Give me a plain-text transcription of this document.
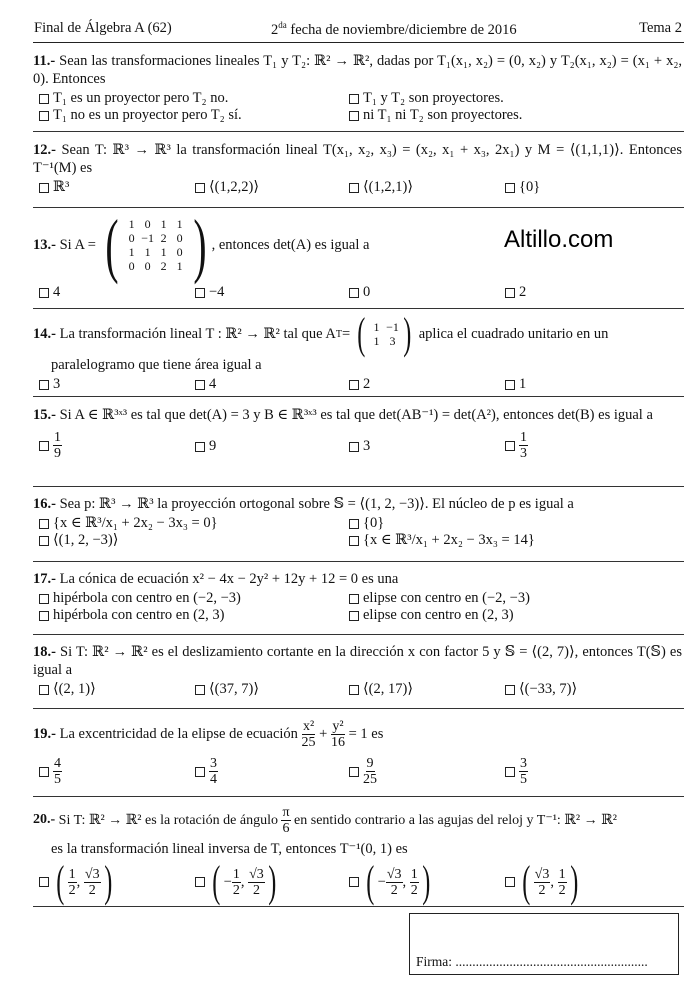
Final de Álgebra A (62)	$2^{da}$ fecha de noviembre/diciembre de 2016	Tema 2
11.- Sean las transformaciones lineales T₁ y T₂: ℝ² → ℝ², dadas por T₁(x₁, x₂) = (0, x₂) y T₂(x₁, x₂) = (x₁ + x₂, 0). Entonces
T₁ es un proyector pero T₂ no.	T₁ y T₂ son proyectores.
T₁ no es un proyector pero T₂ sí.	ni T₁ ni T₂ son proyectores.
12.- Sean T: ℝ³ → ℝ³ la transformación lineal T(x₁, x₂, x₃) = (x₂, x₁ + x₃, 2x₁) y M = ⟨(1,1,1)⟩. Entonces T⁻¹(M) es
ℝ³	⟨(1,2,2)⟩	⟨(1,2,1)⟩	{0}
13.-
Si A =
( 1 0 1 1
0 −1 2 0
1 1 1 0
0 0 2 1 ) , entonces det(A) es igual a	Altillo.com
4	−4	0	2
14.-
La transformación lineal T : ℝ² → ℝ² tal que A T =
( 1 −1
1 3 )
aplica el cuadrado unitario en un
paralelogramo que tiene área igual a
3	4	2	1
15.- Si A ∈ ℝ³ˣ³ es tal que det(A) = 3 y B ∈ ℝ³ˣ³ es tal que det(AB⁻¹) = det(A²), entonces det(B) es igual a
$\frac{1}{9}$	9	3	$\frac{1}{3}$
16.- Sea p: ℝ³ → ℝ³ la proyección ortogonal sobre 𝕊 = ⟨(1, 2, −3)⟩. El núcleo de p es igual a
{x ∈ ℝ³/x₁ + 2x₂ − 3x₃ = 0}	{0}
⟨(1, 2, −3)⟩	{x ∈ ℝ³/x₁ + 2x₂ − 3x₃ = 14}
17.- La cónica de ecuación x² − 4x − 2y² + 12y + 12 = 0 es una
hipérbola con centro en (−2, −3)	elipse con centro en (−2, −3)
hipérbola con centro en (2, 3)	elipse con centro en (2, 3)
18.- Si T: ℝ² → ℝ² es el deslizamiento cortante en la dirección x con factor 5 y 𝕊 = ⟨(2, 7)⟩, entonces T(𝕊) es igual a
⟨(2, 1)⟩	⟨(37, 7)⟩	⟨(2, 17)⟩	⟨(−33, 7)⟩
19.-
La excentricidad de la elipse de ecuación
$\frac{\text{x²}}{25}$
+
$\frac{\text{y²}}{16}$
= 1 es
$\frac{4}{5}$	$\frac{3}{4}$	$\frac{9}{25}$	$\frac{3}{5}$
20.-
Si T: ℝ² → ℝ² es la rotación de ángulo
$\frac{\pi}{6}$
en sentido contrario a las agujas del reloj y T⁻¹: ℝ² → ℝ²
es la transformación lineal inversa de T, entonces T⁻¹(0, 1) es
( $\frac{1}{2}$ , $\frac{√3}{2}$ ) ( − $\frac{1}{2}$ , $\frac{√3}{2}$ ) ( − $\frac{√3}{2}$ , $\frac{1}{2}$ ) ( $\frac{√3}{2}$ , $\frac{1}{2}$ )
Firma: .........................................................
